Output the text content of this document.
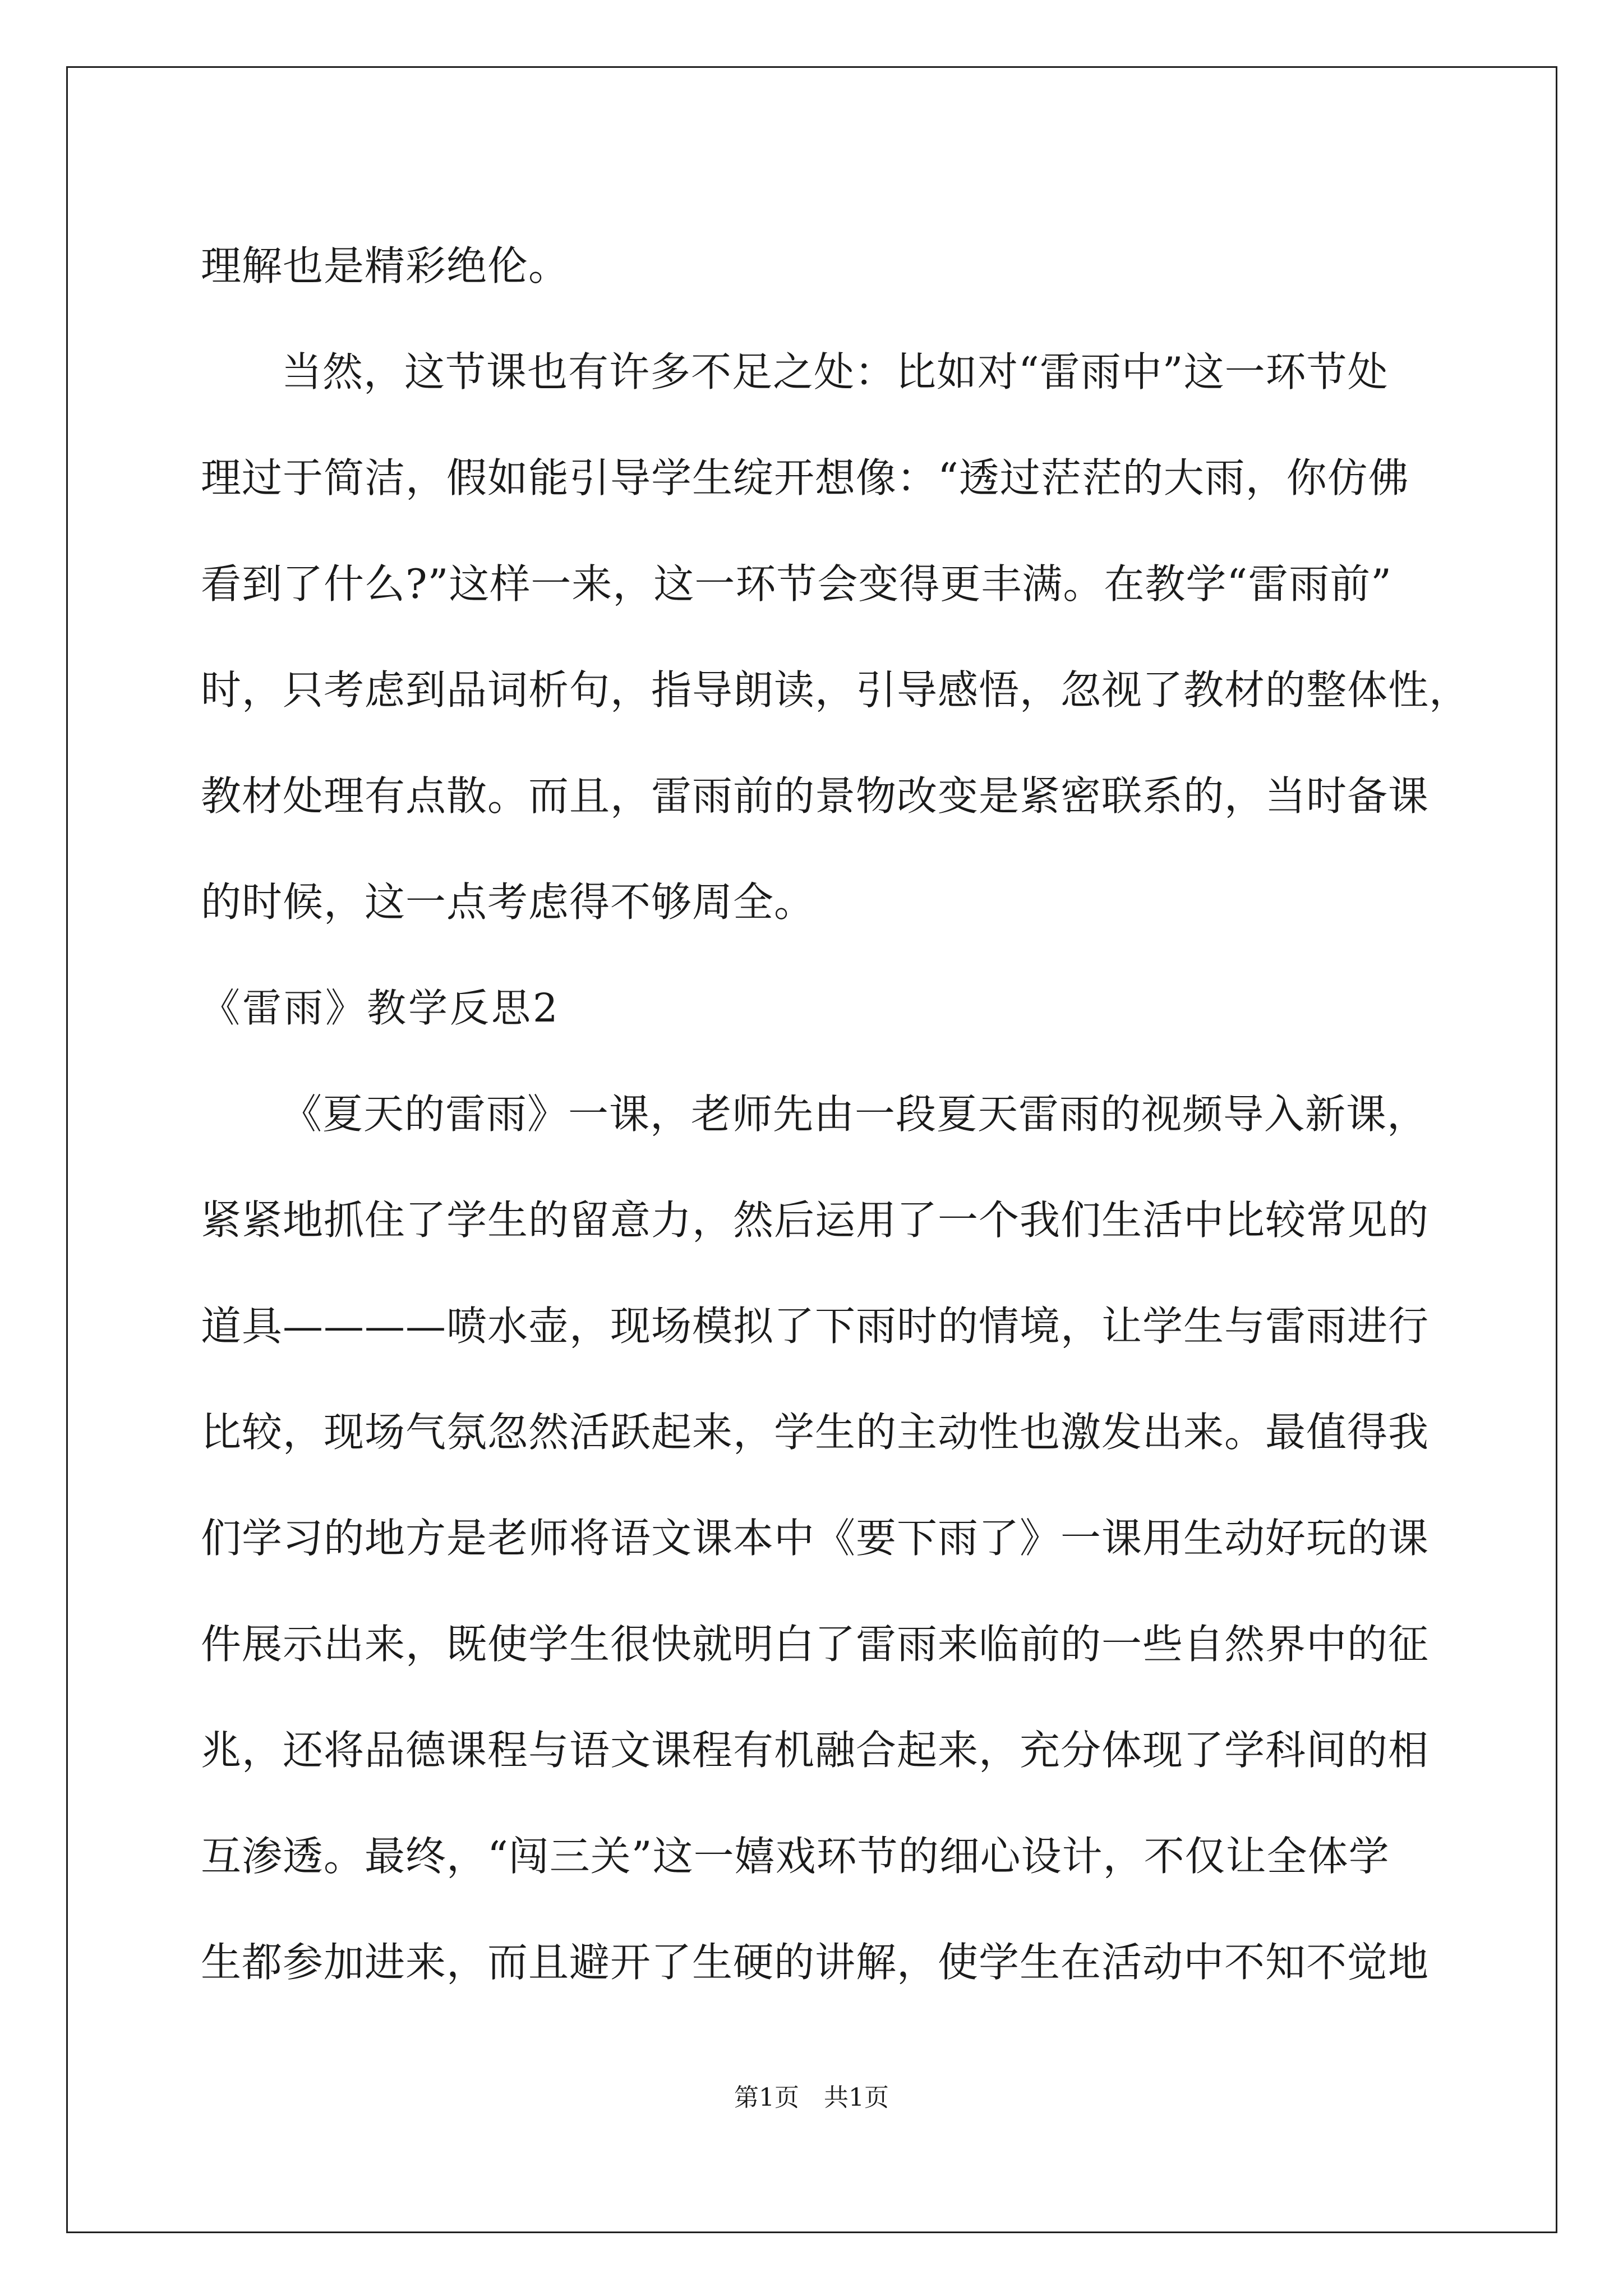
理解也是精彩绝伦。
当然，这节课也有许多不足之处：比如对“雷雨中”这一环节处
理过于简洁，假如能引导学生绽开想像：“透过茫茫的大雨，你仿佛
看到了什么?”这样一来，这一环节会变得更丰满。在教学“雷雨前”
时，只考虑到品词析句，指导朗读，引导感悟，忽视了教材的整体性，
教材处理有点散。而且，雷雨前的景物改变是紧密联系的，当时备课
的时候，这一点考虑得不够周全。
《雷雨》教学反思2
《夏天的雷雨》一课，老师先由一段夏天雷雨的视频导入新课，
紧紧地抓住了学生的留意力，然后运用了一个我们生活中比较常见的
道具————喷水壶，现场模拟了下雨时的情境，让学生与雷雨进行
比较，现场气氛忽然活跃起来，学生的主动性也激发出来。最值得我
们学习的地方是老师将语文课本中《要下雨了》一课用生动好玩的课
件展示出来，既使学生很快就明白了雷雨来临前的一些自然界中的征
兆，还将品德课程与语文课程有机融合起来，充分体现了学科间的相
互渗透。最终，“闯三关”这一嬉戏环节的细心设计，不仅让全体学
生都参加进来，而且避开了生硬的讲解，使学生在活动中不知不觉地
第1页　共1页
